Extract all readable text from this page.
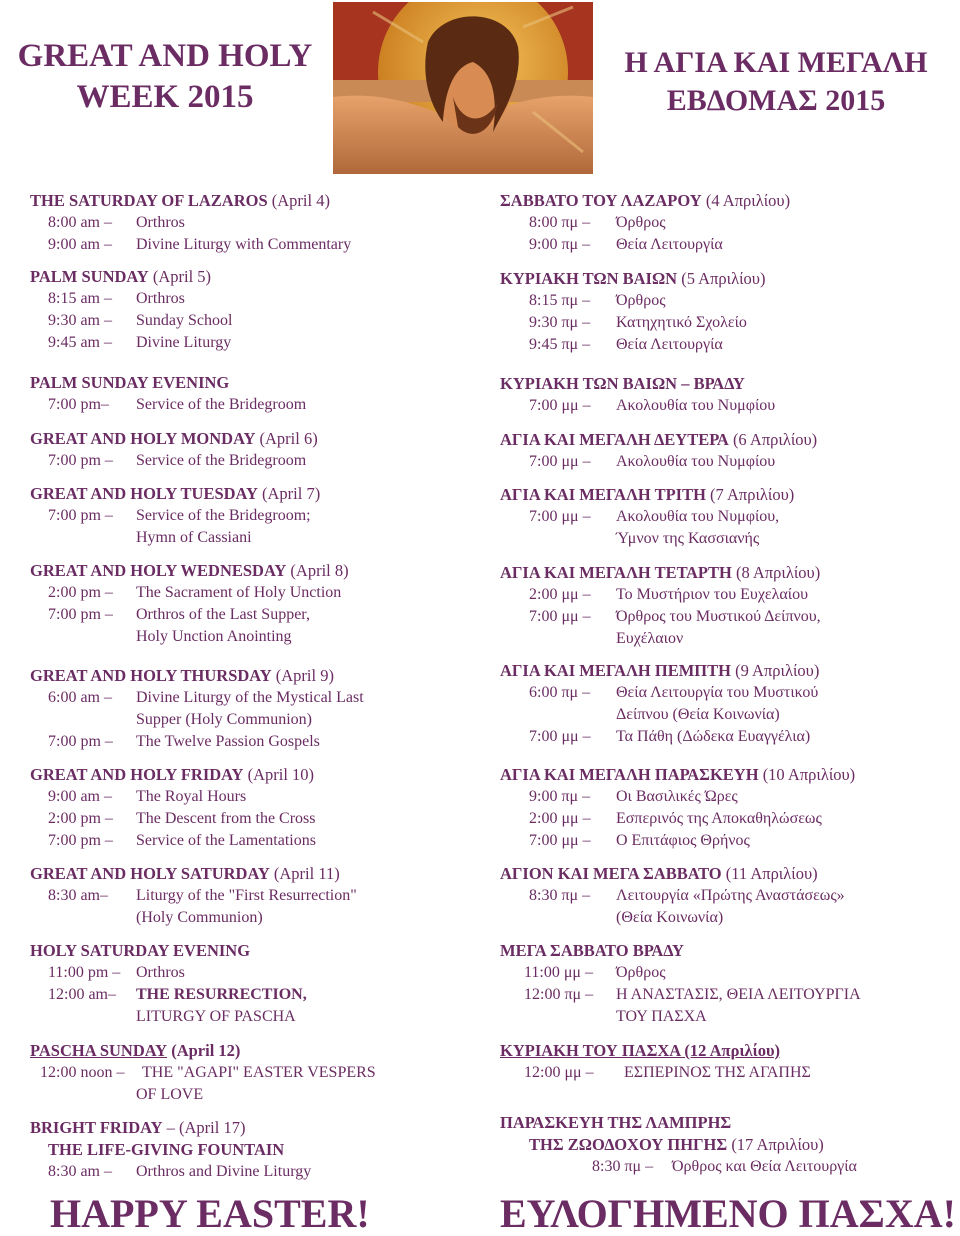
GREAT AND HOLY
WEEK 2015
Η ΑΓΙΑ ΚΑΙ ΜΕΓΑΛΗ
ΕΒΔΟΜΑΣ 2015
THE SATURDAY OF LAZAROS (April 4)
8:00 am – Orthros
9:00 am – Divine Liturgy with Commentary
PALM SUNDAY (April 5)
8:15 am – Orthros
9:30 am – Sunday School
9:45 am – Divine Liturgy
PALM SUNDAY EVENING
7:00 pm– Service of the Bridegroom
GREAT AND HOLY MONDAY (April 6)
7:00 pm – Service of the Bridegroom
GREAT AND HOLY TUESDAY (April 7)
7:00 pm – Service of the Bridegroom;
Hymn of Cassiani
GREAT AND HOLY WEDNESDAY (April 8)
2:00 pm – The Sacrament of Holy Unction
7:00 pm – Orthros of the Last Supper,
Holy Unction Anointing
GREAT AND HOLY THURSDAY (April 9)
6:00 am – Divine Liturgy of the Mystical Last
Supper (Holy Communion)
7:00 pm – The Twelve Passion Gospels
GREAT AND HOLY FRIDAY (April 10)
9:00 am – The Royal Hours
2:00 pm – The Descent from the Cross
7:00 pm – Service of the Lamentations
GREAT AND HOLY SATURDAY (April 11)
8:30 am– Liturgy of the "First Resurrection"
(Holy Communion)
HOLY SATURDAY EVENING
11:00 pm – Orthros
12:00 am– THE RESURRECTION,
LITURGY OF PASCHA
PASCHA SUNDAY (April 12)
12:00 noon – THE "AGAPI" EASTER VESPERS
OF LOVE
BRIGHT FRIDAY – (April 17)
THE LIFE-GIVING FOUNTAIN
8:30 am – Orthros and Divine Liturgy
ΣΑΒΒΑΤΟ ΤΟΥ ΛΑΖΑΡΟΥ (4 Απριλίου)
8:00 πμ – Όρθρος
9:00 πμ – Θεία Λειτουργία
ΚΥΡΙΑΚΗ ΤΩΝ ΒΑΙΩΝ (5 Απριλίου)
8:15 πμ – Όρθρος
9:30 πμ – Κατηχητικό Σχολείο
9:45 πμ – Θεία Λειτουργία
ΚΥΡΙΑΚΗ ΤΩΝ ΒΑΙΩΝ – ΒΡΑΔΥ
7:00 μμ – Ακολουθία του Νυμφίου
ΑΓΙΑ ΚΑΙ ΜΕΓΑΛΗ ΔΕΥΤΕΡΑ (6 Απριλίου)
7:00 μμ – Ακολουθία του Νυμφίου
ΑΓΙΑ ΚΑΙ ΜΕΓΑΛΗ ΤΡΙΤΗ (7 Απριλίου)
7:00 μμ – Ακολουθία του Νυμφίου,
Ύμνον της Κασσιανής
ΑΓΙΑ ΚΑΙ ΜΕΓΑΛΗ ΤΕΤΑΡΤΗ (8 Απριλίου)
2:00 μμ – Το Μυστήριον του Ευχελαίου
7:00 μμ – Όρθρος του Μυστικού Δείπνου,
Ευχέλαιον
ΑΓΙΑ ΚΑΙ ΜΕΓΑΛΗ ΠΕΜΠΤΗ (9 Απριλίου)
6:00 πμ – Θεία Λειτουργία του Μυστικού
Δείπνου (Θεία Κοινωνία)
7:00 μμ – Τα Πάθη (Δώδεκα Ευαγγέλια)
ΑΓΙΑ ΚΑΙ ΜΕΓΑΛΗ ΠΑΡΑΣΚΕΥΗ (10 Απριλίου)
9:00 πμ – Οι Βασιλικές Ώρες
2:00 μμ – Εσπερινός της Αποκαθηλώσεως
7:00 μμ – Ο Επιτάφιος Θρήνος
ΑΓΙΟΝ ΚΑΙ ΜΕΓΑ ΣΑΒΒΑΤΟ (11 Απριλίου)
8:30 πμ – Λειτουργία «Πρώτης Αναστάσεως»
(Θεία Κοινωνία)
ΜΕΓΑ ΣΑΒΒΑΤΟ ΒΡΑΔΥ
11:00 μμ – Όρθρος
12:00 πμ – Η ΑΝΑΣΤΑΣΙΣ, ΘΕΙΑ ΛΕΙΤΟΥΡΓΙΑ
ΤΟΥ ΠΑΣΧΑ
ΚΥΡΙΑΚΗ ΤΟΥ ΠΑΣΧΑ (12 Απριλίου)
12:00 μμ – ΕΣΠΕΡΙΝΟΣ ΤΗΣ ΑΓΑΠΗΣ
ΠΑΡΑΣΚΕΥΗ ΤΗΣ ΛΑΜΠΡΗΣ
ΤΗΣ ΖΩΟΔΟΧΟΥ ΠΗΓΗΣ (17 Απριλίου)
8:30 πμ – Όρθρος και Θεία Λειτουργία
HAPPY EASTER!	ΕΥΛΟΓΗΜΕΝΟ ΠΑΣΧΑ!
